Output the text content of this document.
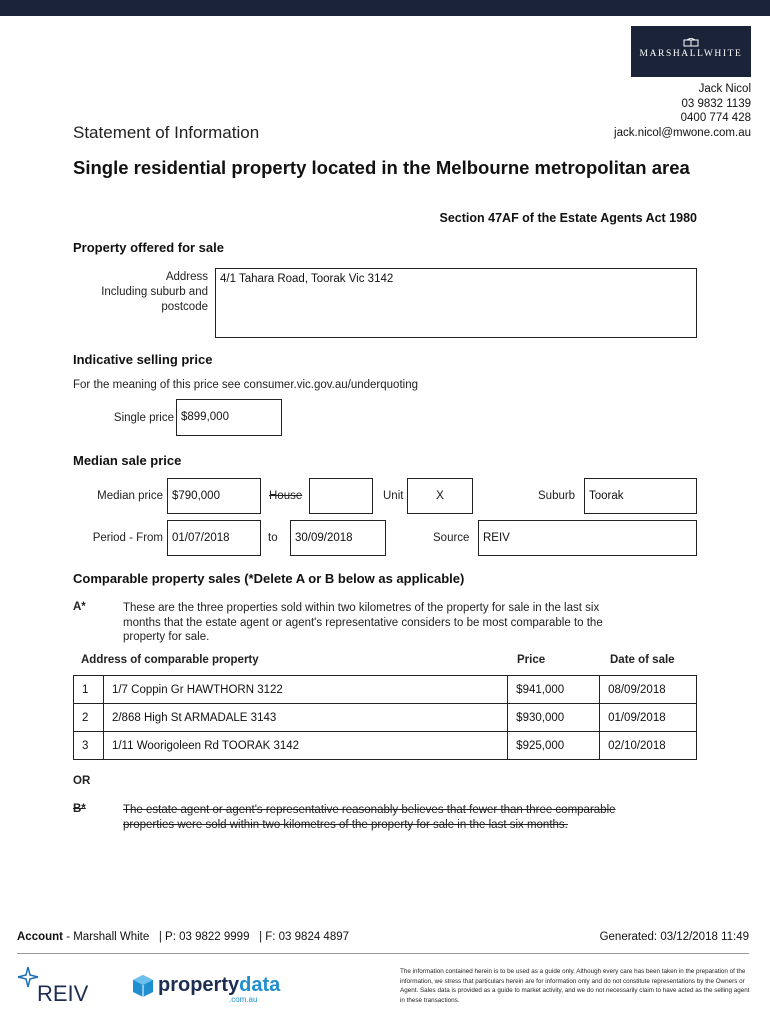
MARSHALLWHITE
Jack Nicol
03 9832 1139
0400 774 428
jack.nicol@mwone.com.au
Statement of Information
Single residential property located in the Melbourne metropolitan area
Section 47AF of the Estate Agents Act 1980
Property offered for sale
Address
Including suburb and
postcode
4/1 Tahara Road, Toorak Vic 3142
Indicative selling price
For the meaning of this price see consumer.vic.gov.au/underquoting
Single price $899,000
Median sale price
Median price $790,000	House	Unit	X	Suburb	Toorak
Period - From 01/07/2018	to	30/09/2018	Source	REIV
Comparable property sales (*Delete A or B below as applicable)
A*	These are the three properties sold within two kilometres of the property for sale in the last six
months that the estate agent or agent's representative considers to be most comparable to the
property for sale.
Address of comparable property	Price	Date of sale
1	1/7 Coppin Gr HAWTHORN 3122	$941,000	08/09/2018
2	2/868 High St ARMADALE 3143	$930,000	01/09/2018
3	1/11 Woorigoleen Rd TOORAK 3142	$925,000	02/10/2018
OR
B*	The estate agent or agent's representative reasonably believes that fewer than three comparable
properties were sold within two kilometres of the property for sale in the last six months.
Account - Marshall White | P: 03 9822 9999 | F: 03 9824 4897	Generated: 03/12/2018 11:49
REIV	propertydata
.com.au
The information contained herein is to be used as a guide only. Although every care has been taken in the preparation of the information, we stress that particulars herein are for information only and do not constitute representations by the Owners or Agent. Sales data is provided as a guide to market activity, and we do not necessarily claim to have acted as the selling agent in these transactions.
